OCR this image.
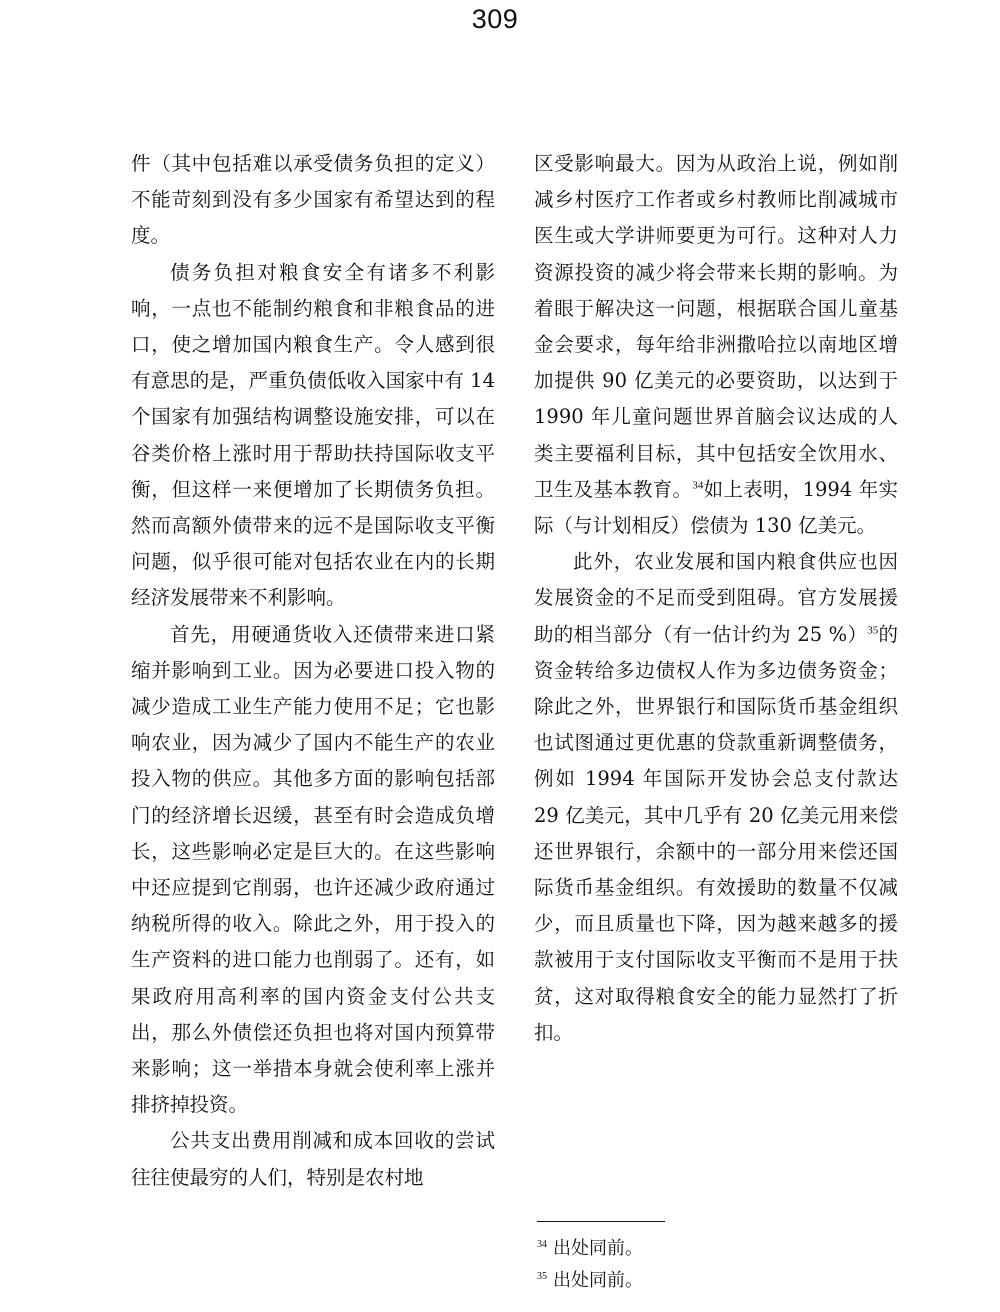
309

件（其中包括难以承受债务负担的定义）不能苛刻到没有多少国家有希望达到的程度。

债务负担对粮食安全有诸多不利影响，一点也不能制约粮食和非粮食品的进口，使之增加国内粮食生产。令人感到很有意思的是，严重负债低收入国家中有 14 个国家有加强结构调整设施安排，可以在谷类价格上涨时用于帮助扶持国际收支平衡，但这样一来便增加了长期债务负担。然而高额外债带来的远不是国际收支平衡问题，似乎很可能对包括农业在内的长期经济发展带来不利影响。

首先，用硬通货收入还债带来进口紧缩并影响到工业。因为必要进口投入物的减少造成工业生产能力使用不足；它也影响农业，因为减少了国内不能生产的农业投入物的供应。其他多方面的影响包括部门的经济增长迟缓，甚至有时会造成负增长，这些影响必定是巨大的。在这些影响中还应提到它削弱，也许还减少政府通过纳税所得的收入。除此之外，用于投入的生产资料的进口能力也削弱了。还有，如果政府用高利率的国内资金支付公共支出，那么外债偿还负担也将对国内预算带来影响；这一举措本身就会使利率上涨并排挤掉投资。

公共支出费用削减和成本回收的尝试往往使最穷的人们，特别是农村地

区受影响最大。因为从政治上说，例如削减乡村医疗工作者或乡村教师比削减城市医生或大学讲师要更为可行。这种对人力资源投资的减少将会带来长期的影响。为着眼于解决这一问题，根据联合国儿童基金会要求，每年给非洲撒哈拉以南地区增加提供 90 亿美元的必要资助，以达到于 1990 年儿童问题世界首脑会议达成的人类主要福利目标，其中包括安全饮用水、卫生及基本教育。$^{34}$如上表明，1994 年实际（与计划相反）偿债为 130 亿美元。

此外，农业发展和国内粮食供应也因发展资金的不足而受到阻碍。官方发展援助的相当部分（有一估计约为 25 %）$^{35}$的资金转给多边债权人作为多边债务资金；除此之外，世界银行和国际货币基金组织也试图通过更优惠的贷款重新调整债务，例如 1994 年国际开发协会总支付款达 29 亿美元，其中几乎有 20 亿美元用来偿还世界银行，余额中的一部分用来偿还国际货币基金组织。有效援助的数量不仅减少，而且质量也下降，因为越来越多的援款被用于支付国际收支平衡而不是用于扶贫，这对取得粮食安全的能力显然打了折扣。

$^{34}$ 出处同前。
$^{35}$ 出处同前。
